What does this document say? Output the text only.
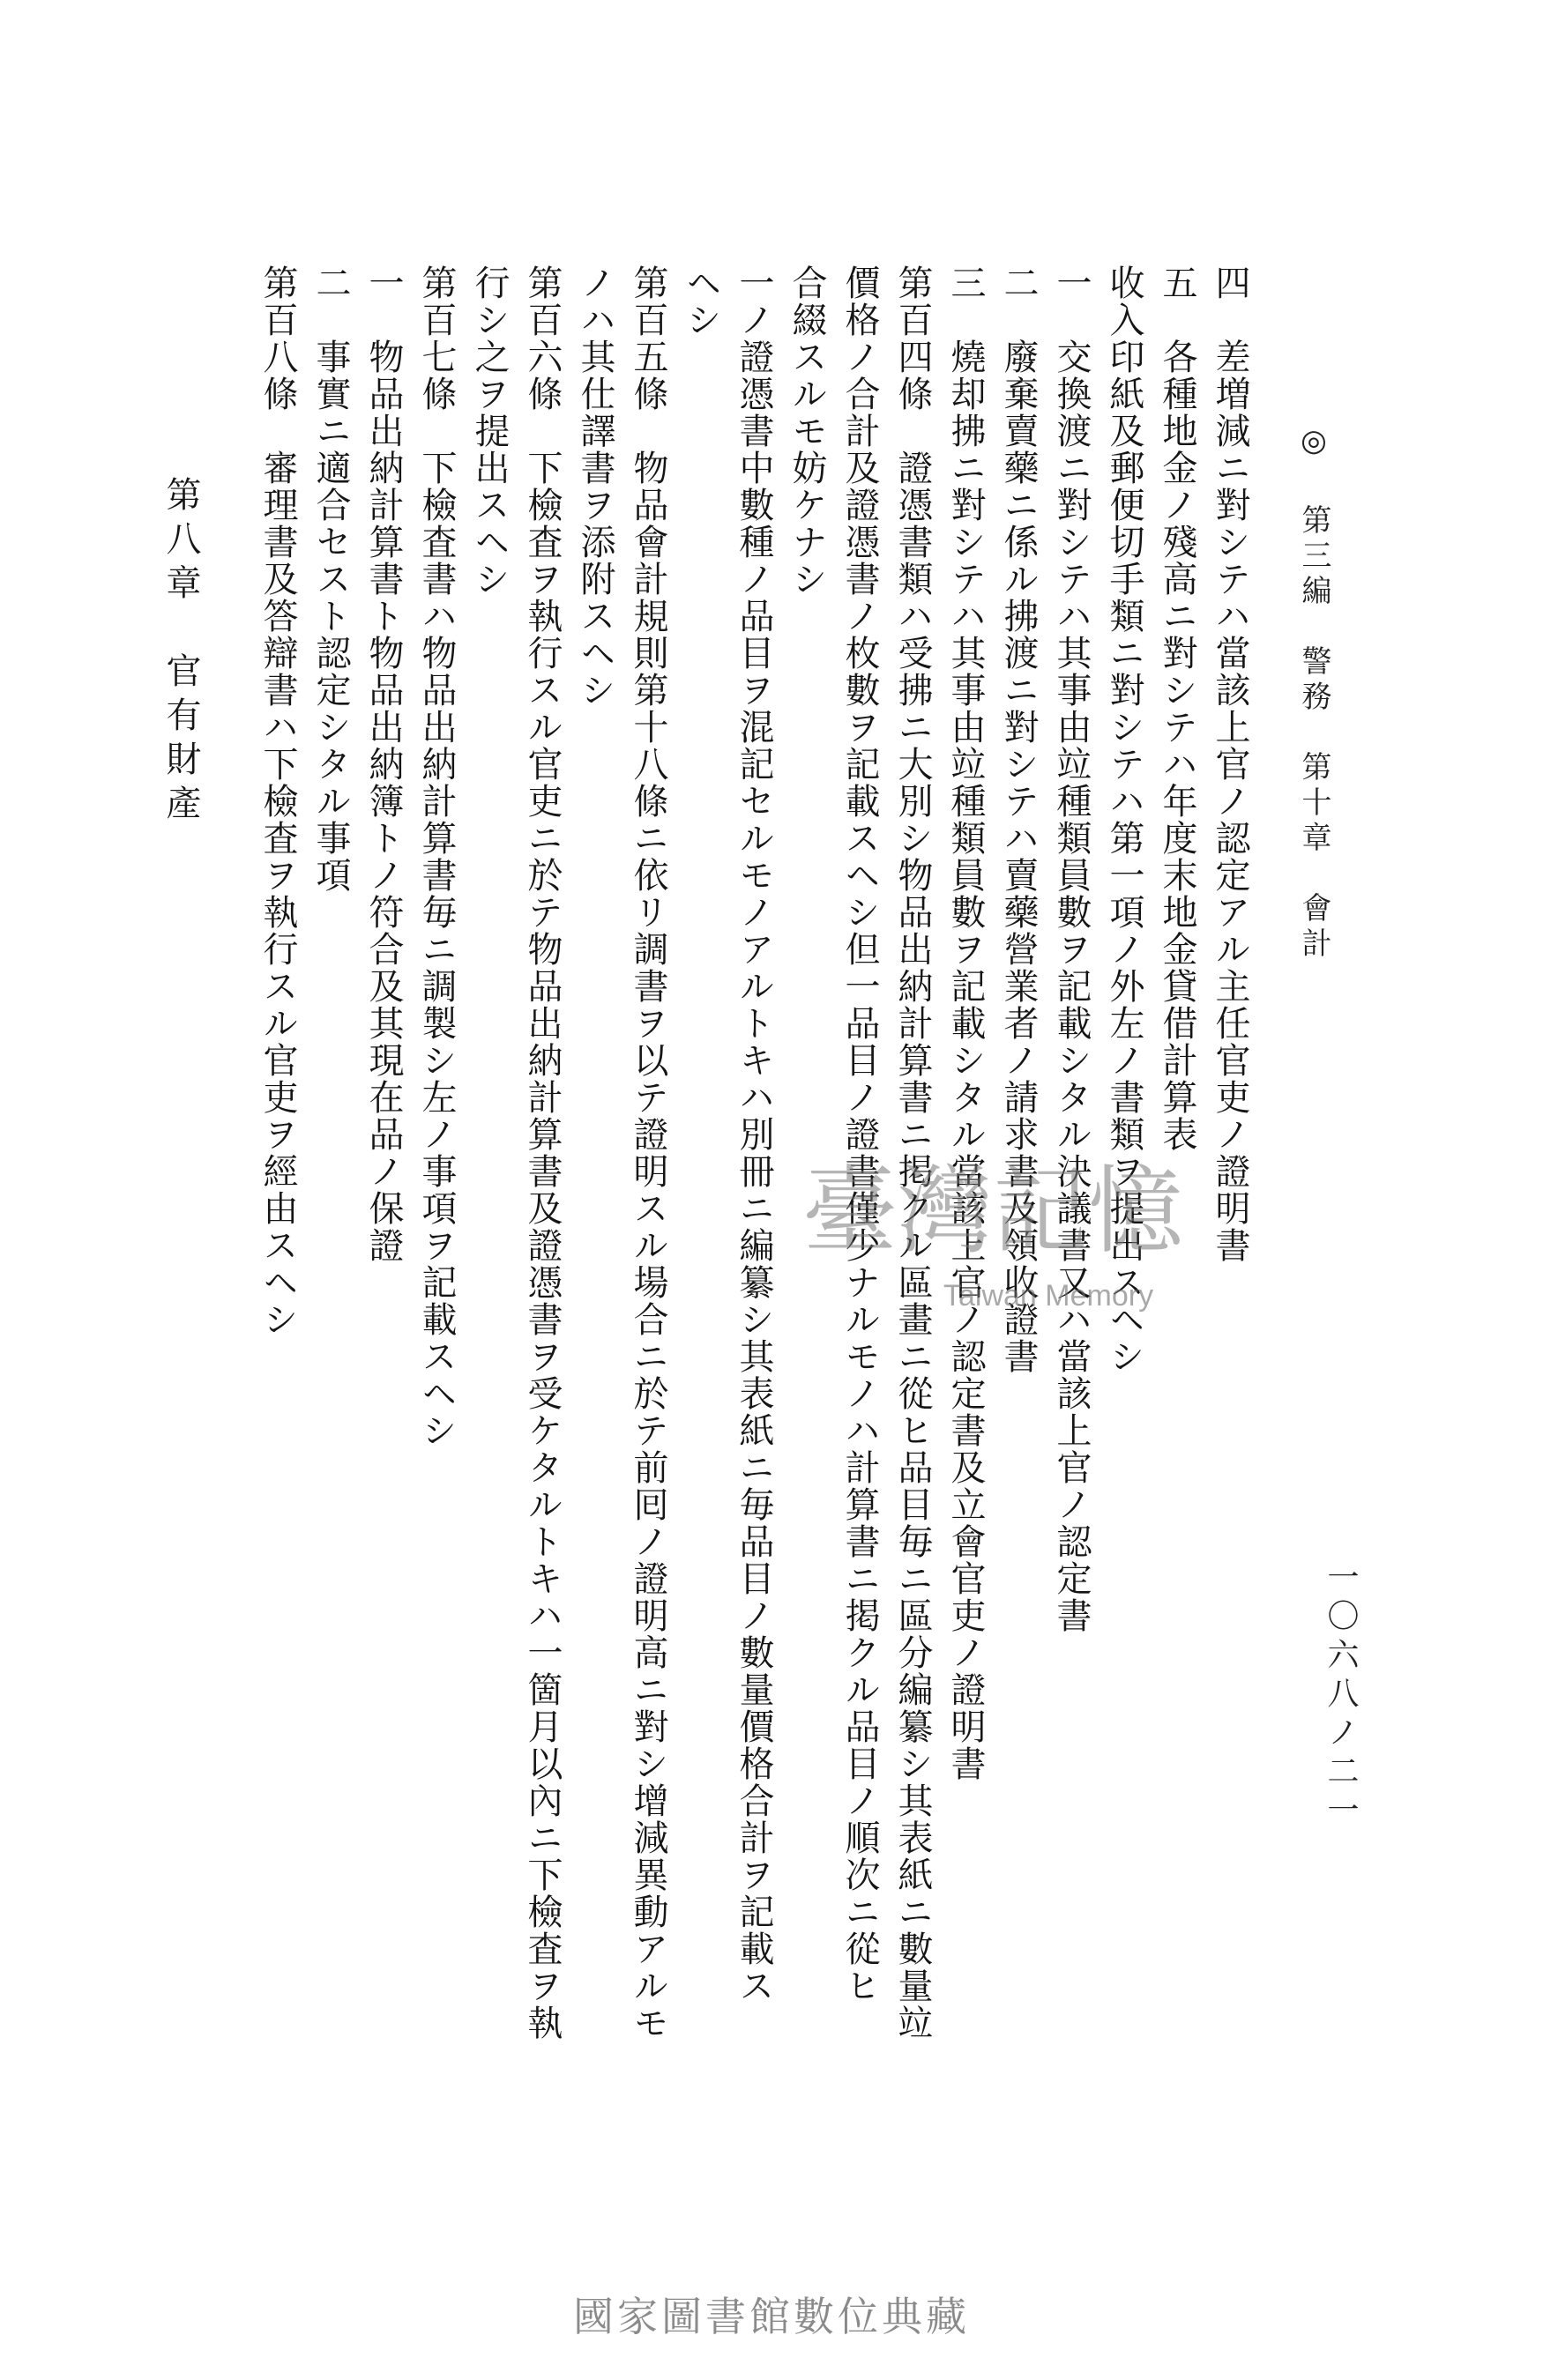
◎ 第三編　警務　第十章　會計
一〇六八ノ二一
四　差増減ニ對シテハ當該上官ノ認定アル主任官吏ノ證明書
五　各種地金ノ殘高ニ對シテハ年度末地金貸借計算表
收入印紙及郵便切手類ニ對シテハ第一項ノ外左ノ書類ヲ提出スヘシ
一　交換渡ニ對シテハ其事由竝種類員數ヲ記載シタル決議書又ハ當該上官ノ認定書
二　廢棄賣藥ニ係ル拂渡ニ對シテハ賣藥營業者ノ請求書及領收證書
三　燒却拂ニ對シテハ其事由竝種類員數ヲ記載シタル當該上官ノ認定書及立會官吏ノ證明書
第百四條　證憑書類ハ受拂ニ大別シ物品出納計算書ニ掲クル區畫ニ從ヒ品目毎ニ區分編纂シ其表紙ニ數量竝
價格ノ合計及證憑書ノ枚數ヲ記載スヘシ但一品目ノ證書僅少ナルモノハ計算書ニ掲クル品目ノ順次ニ從ヒ
合綴スルモ妨ケナシ
一ノ證憑書中數種ノ品目ヲ混記セルモノアルトキハ別冊ニ編纂シ其表紙ニ毎品目ノ數量價格合計ヲ記載ス
ヘシ
第百五條　物品會計規則第十八條ニ依リ調書ヲ以テ證明スル場合ニ於テ前囘ノ證明高ニ對シ增減異動アルモ
ノハ其仕譯書ヲ添附スヘシ
第百六條　下檢査ヲ執行スル官吏ニ於テ物品出納計算書及證憑書ヲ受ケタルトキハ一箇月以內ニ下檢査ヲ執
行シ之ヲ提出スヘシ
第百七條　下檢査書ハ物品出納計算書毎ニ調製シ左ノ事項ヲ記載スヘシ
一　物品出納計算書ト物品出納簿トノ符合及其現在品ノ保證
二　事實ニ適合セスト認定シタル事項
第百八條　審理書及答辯書ハ下檢査ヲ執行スル官吏ヲ經由スヘシ
第八章　官有財產
臺灣記憶
Taiwan Memory
國家圖書館數位典藏
